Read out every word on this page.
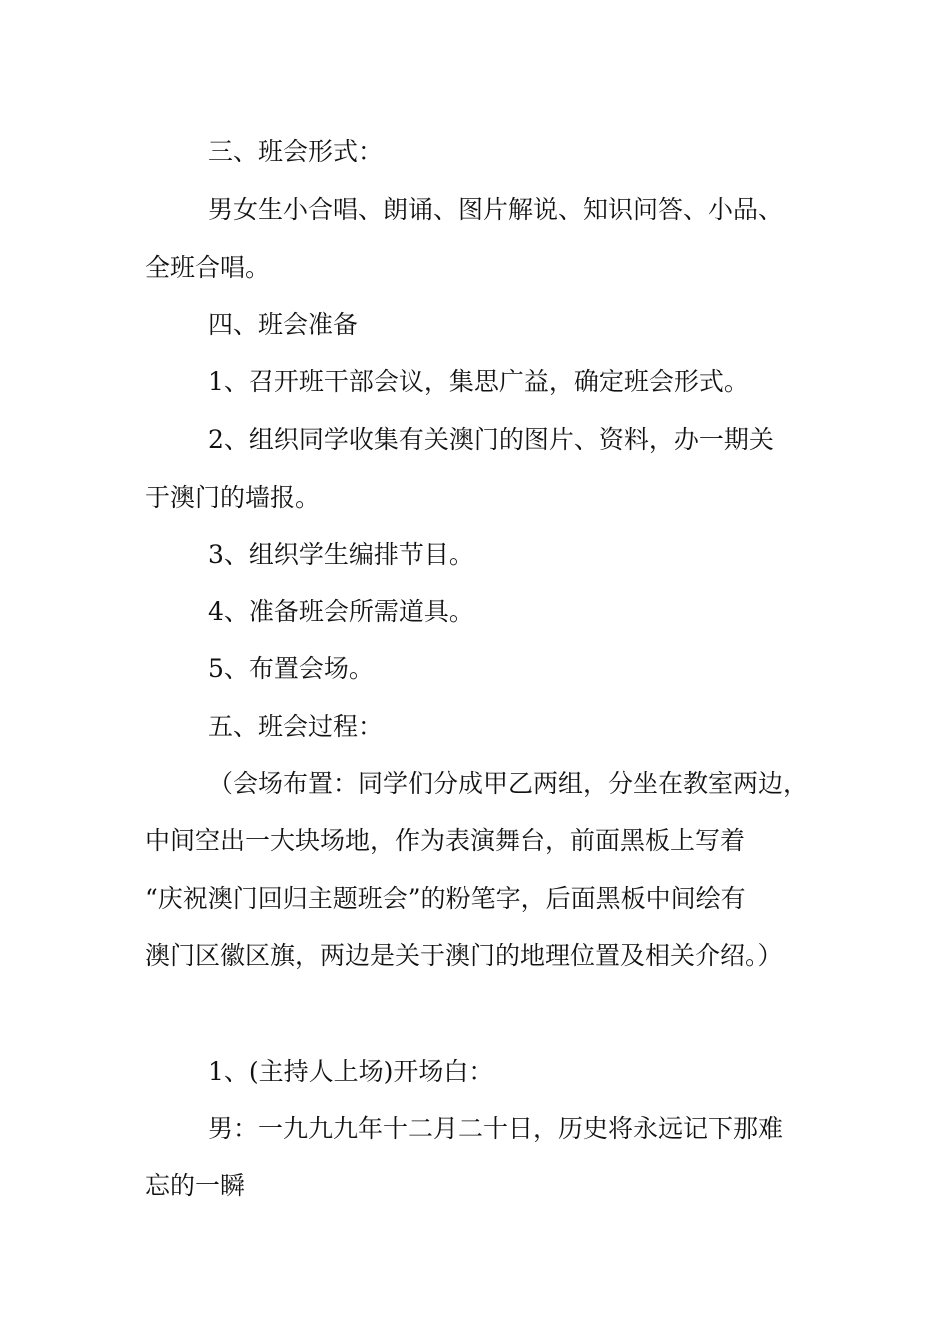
三、班会形式：
男女生小合唱、朗诵、图片解说、知识问答、小品、
全班合唱。
四、班会准备
1、召开班干部会议，集思广益，确定班会形式。
2、组织同学收集有关澳门的图片、资料，办一期关
于澳门的墙报。
3、组织学生编排节目。
4、准备班会所需道具。
5、布置会场。
五、班会过程：
（会场布置：同学们分成甲乙两组，分坐在教室两边，
中间空出一大块场地，作为表演舞台，前面黑板上写着
“庆祝澳门回归主题班会”的粉笔字，后面黑板中间绘有
澳门区徽区旗，两边是关于澳门的地理位置及相关介绍。）
1、(主持人上场)开场白：
男：一九九九年十二月二十日，历史将永远记下那难
忘的一瞬
